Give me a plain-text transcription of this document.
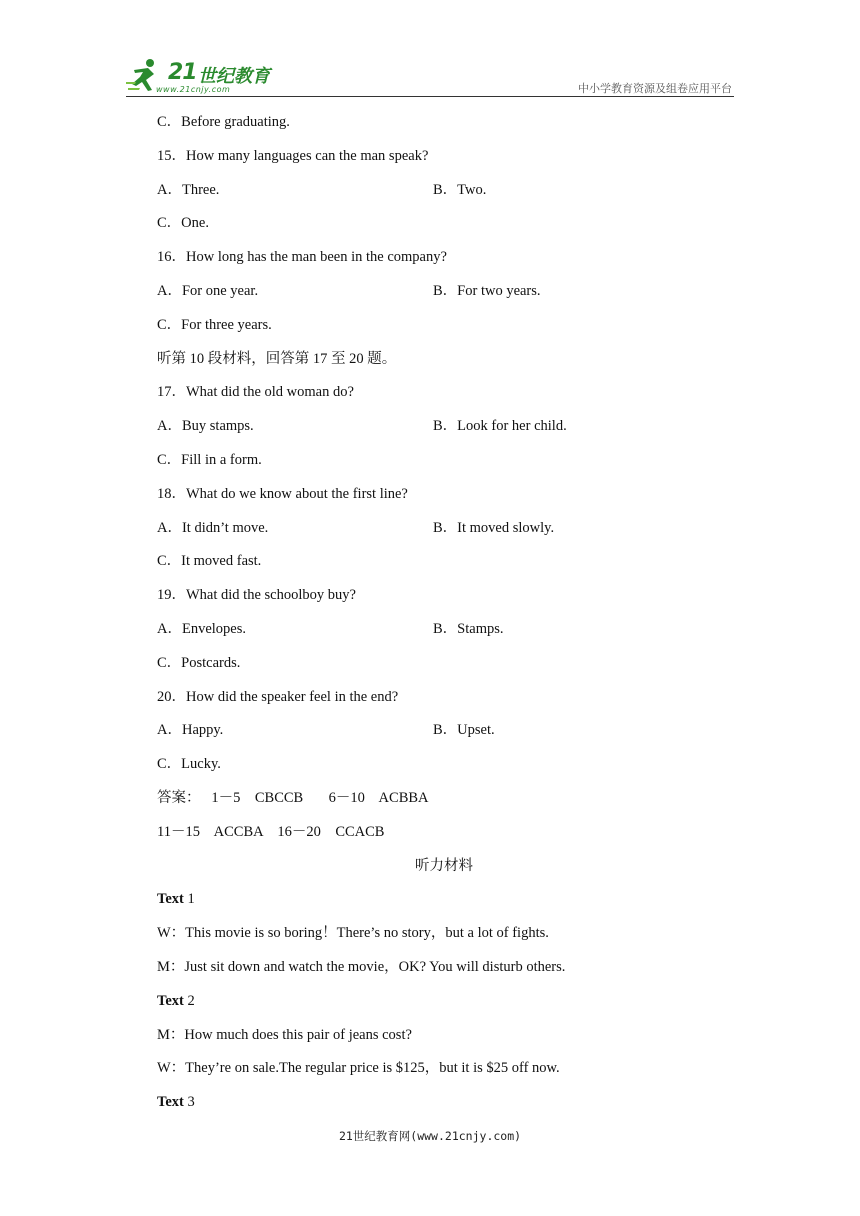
21 世纪教育
www.21cnjy.com	中小学教育资源及组卷应用平台
C．Before graduating.
15．How many languages can the man speak?

A．Three.

	B．Two.

C．One.
16．How long has the man been in the company?

A．For one year.

	B．For two years.

C．For three years.
听第 10 段材料，回答第 17 至 20 题。
17．What did the old woman do?

A．Buy stamps.

	B．Look for her child.

C．Fill in a form.
18．What do we know about the first line?

A．It didn’t move.

	B．It moved slowly.

C．It moved fast.
19．What did the schoolboy buy?

A．Envelopes.

	B．Stamps.

C．Postcards.
20．How did the speaker feel in the end?

A．Happy.

	B．Upset.

C．Lucky.
答案：   1－5    CBCCB       6－10    ACBBA
11－15    ACCBA    16－20    CCACB
听力材料
Text 1
W：This movie is so boring！There’s no story，but a lot of fights.
M：Just sit down and watch the movie，OK? You will disturb others.
Text 2
M：How much does this pair of jeans cost?
W：They’re on sale.The regular price is $125，but it is $25 off now.
Text 3
21世纪教育网(www.21cnjy.com)
